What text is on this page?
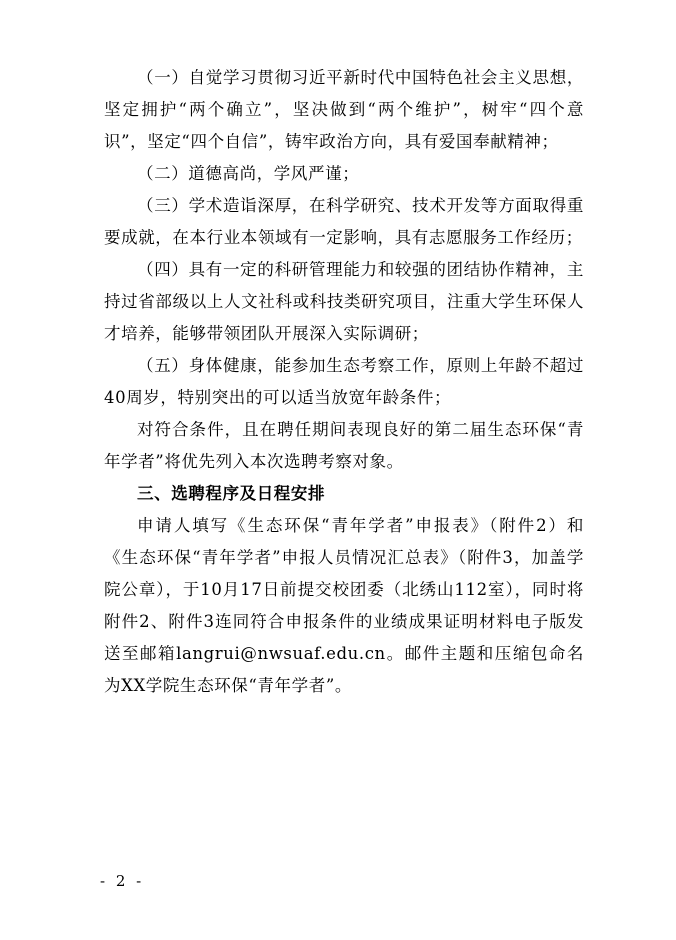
（一）自觉学习贯彻习近平新时代中国特色社会主义思想，坚定拥护“两个确立”，坚决做到“两个维护”，树牢“四个意识”，坚定“四个自信”，铸牢政治方向，具有爱国奉献精神；

（二）道德高尚，学风严谨；

（三）学术造诣深厚，在科学研究、技术开发等方面取得重要成就，在本行业本领域有一定影响，具有志愿服务工作经历；

（四）具有一定的科研管理能力和较强的团结协作精神，主持过省部级以上人文社科或科技类研究项目，注重大学生环保人才培养，能够带领团队开展深入实际调研；

（五）身体健康，能参加生态考察工作，原则上年龄不超过40周岁，特别突出的可以适当放宽年龄条件；

对符合条件，且在聘任期间表现良好的第二届生态环保“青年学者”将优先列入本次选聘考察对象。

三、选聘程序及日程安排

申请人填写《生态环保“青年学者”申报表》（附件2）和《生态环保“青年学者”申报人员情况汇总表》（附件3，加盖学院公章），于10月17日前提交校团委（北绣山112室），同时将附件2、附件3连同符合申报条件的业绩成果证明材料电子版发送至邮箱langrui@nwsuaf.edu.cn。邮件主题和压缩包命名为XX学院生态环保“青年学者”。

- 2 -
